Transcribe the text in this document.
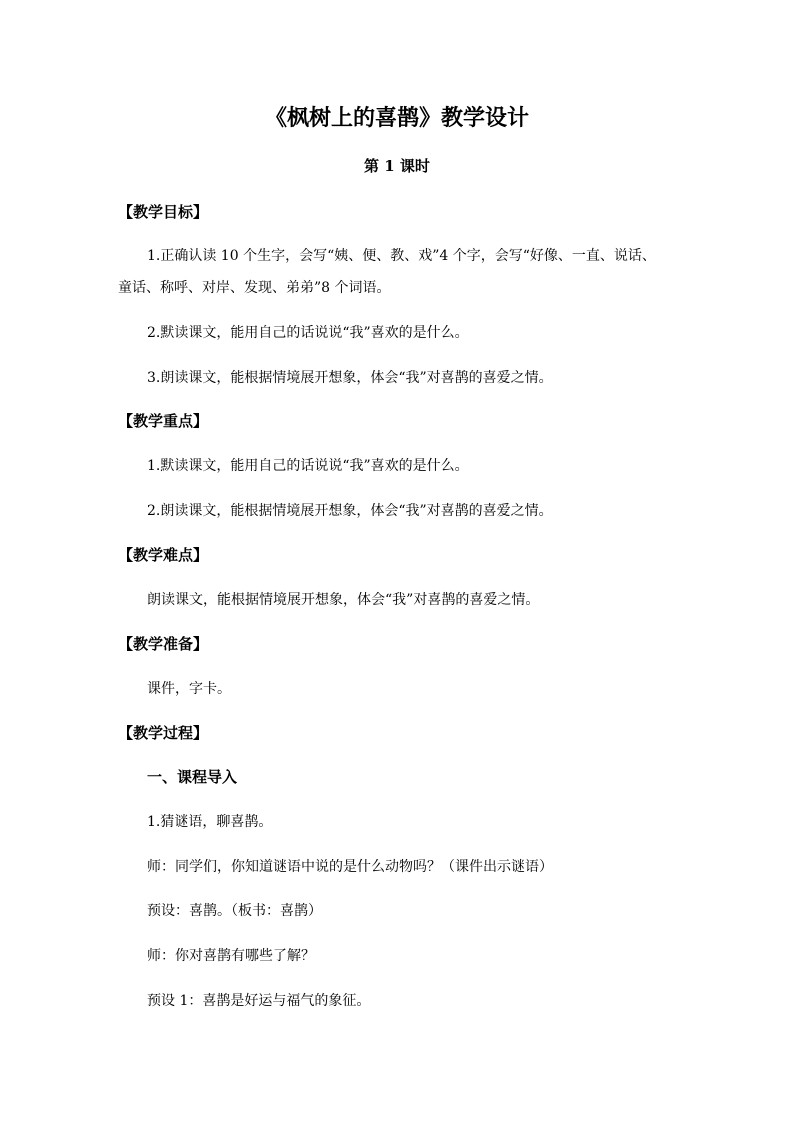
《枫树上的喜鹊》教学设计
第 1 课时
【教学目标】
1.正确认读 10 个生字，会写“姨、便、教、戏”4 个字，会写“好像、一直、说话、
童话、称呼、对岸、发现、弟弟”8 个词语。
2.默读课文，能用自己的话说说“我”喜欢的是什么。
3.朗读课文，能根据情境展开想象，体会“我”对喜鹊的喜爱之情。
【教学重点】
1.默读课文，能用自己的话说说“我”喜欢的是什么。
2.朗读课文，能根据情境展开想象，体会“我”对喜鹊的喜爱之情。
【教学难点】
朗读课文，能根据情境展开想象，体会“我”对喜鹊的喜爱之情。
【教学准备】
课件，字卡。
【教学过程】
一、课程导入
1.猜谜语，聊喜鹊。
师：同学们，你知道谜语中说的是什么动物吗？（课件出示谜语）
预设：喜鹊。（板书：喜鹊）
师：你对喜鹊有哪些了解？
预设 1：喜鹊是好运与福气的象征。
